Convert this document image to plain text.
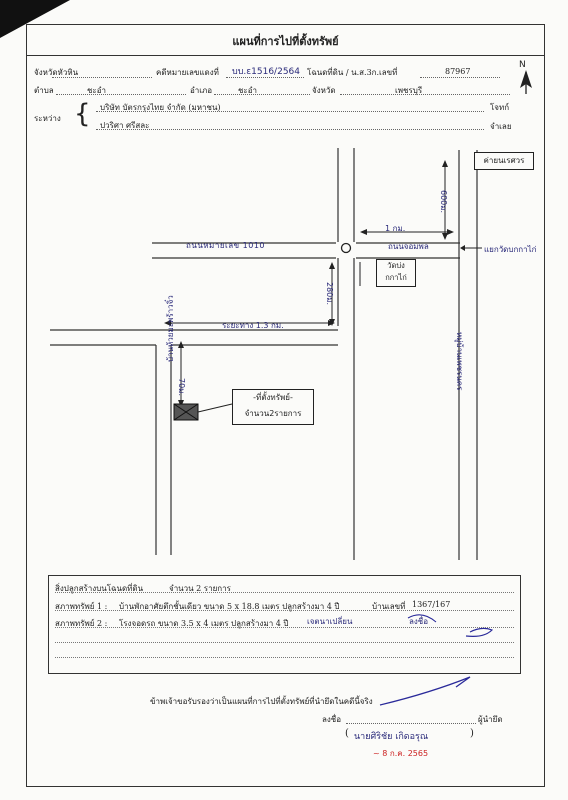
แผนที่การไปที่ตั้งทรัพย์
จังหวัดหัวหิน	คดีหมายเลขแดงที่ บบ.ε1516/2564 โฉนดที่ดิน / น.ส.3ก.เลขที่	87967
ตำบล	ชะอำ	อำเภอ	ชะอำ	จังหวัด	เพชรบุรี
ระหว่าง { บริษัท บัตรกรุงไทย จำกัด (มหาชน)	โจทก์
ปวริศา ศรีสละ	จำเลย
N
ค่ายนเรศวร
600ม.
1 กม.
ถนนหมายเลข 1010	ถนนจอมพล	แยกวัดบกกาไก่
280ม.
วัดบ่ง
กกาไก่
ระยะทาง 1.3 กม.
หมู่บ้านเพชรนคร
บ้านห้วยมะพร้าวจิ๋ว
70ม.
-ที่ตั้งทรัพย์-
จำนวน2รายการ
สิ่งปลูกสร้างบนโฉนดที่ดิน	จำนวน 2 รายการ
สภาพทรัพย์ 1 : บ้านพักอาศัยตึกชั้นเดียว ขนาด 5 x 18.8 เมตร ปลูกสร้างมา 4 ปี	บ้านเลขที่ 1367/167
สภาพทรัพย์ 2 : โรงจอดรถ ขนาด 3.5 x 4 เมตร ปลูกสร้างมา 4 ปี เจตนาเปลี่ยน	ลงชื่อ
ข้าพเจ้าขอรับรองว่าเป็นแผนที่การไปที่ตั้งทรัพย์ที่นำยึดในคดีนี้จริง
ลงชื่อ	ผู้นำยึด
( นายศิริชัย เกิดอรุณ	)
~ 8 ก.ค. 2565
